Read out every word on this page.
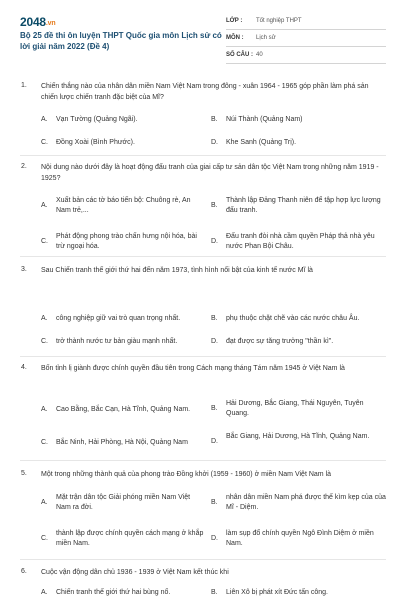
2048.vn
Bộ 25 đề thi ôn luyện THPT Quốc gia môn Lịch sử có lời giải năm 2022 (Đề 4)
LỚP :	Tốt nghiệp THPT
MÔN :	Lịch sử
SỐ CÂU : 40
1. Chiến thắng nào của nhân dân miền Nam Việt Nam trong đông - xuân 1964 - 1965 góp phần làm phá sản chiến lược chiến tranh đặc biệt của Mĩ?
A. Vạn Tường (Quảng Ngãi).	B. Núi Thành (Quảng Nam)
C. Đồng Xoài (Bình Phước).	D. Khe Sanh (Quảng Trị).
2. Nội dung nào dưới đây là hoạt động đấu tranh của giai cấp tư sản dân tộc Việt Nam trong những năm 1919 - 1925?
A.
Xuất bản các tờ báo tiến bộ: Chuông rè, An Nam trẻ,...
B.
Thành lập Đảng Thanh niên để tập hợp lực lượng đấu tranh.
C.
Phát động phong trào chấn hưng nội hóa, bài trừ ngoại hóa.
D.
Đấu tranh đòi nhà cầm quyền Pháp thả nhà yêu nước Phan Bội Châu.
3. Sau Chiến tranh thế giới thứ hai đến năm 1973, tình hình nổi bật của kinh tế nước Mĩ là
A. công nghiệp giữ vai trò quan trọng nhất.	B. phụ thuộc chặt chẽ vào các nước châu Âu.
C. trở thành nước tư bản giàu mạnh nhất.	D. đạt được sự tăng trưởng "thần kì".
4. Bốn tỉnh lị giành được chính quyền đầu tiên trong Cách mạng tháng Tám năm 1945 ở Việt Nam là
A. Cao Bằng, Bắc Cạn, Hà Tĩnh, Quảng Nam.	B.
Hải Dương, Bắc Giang, Thái Nguyên, Tuyên Quang.
C. Bắc Ninh, Hải Phòng, Hà Nội, Quảng Nam	D.
Bắc Giang, Hải Dương, Hà Tĩnh, Quảng Nam.
5. Một trong những thành quả của phong trào Đồng khởi (1959 - 1960) ở miền Nam Việt Nam là
A.
Mặt trận dân tộc Giải phóng miền Nam Việt Nam ra đời.
B.
nhân dân miền Nam phá được thế kìm kẹp của của Mĩ - Diệm.
C.
thành lập được chính quyền cách mạng ở khắp miền Nam.
D.
làm sụp đổ chính quyền Ngô Đình Diệm ở miền Nam.
6. Cuộc vận động dân chủ 1936 - 1939 ở Việt Nam kết thúc khi
A. Chiến tranh thế giới thứ hai bùng nổ.	B. Liên Xô bị phát xít Đức tấn công.
